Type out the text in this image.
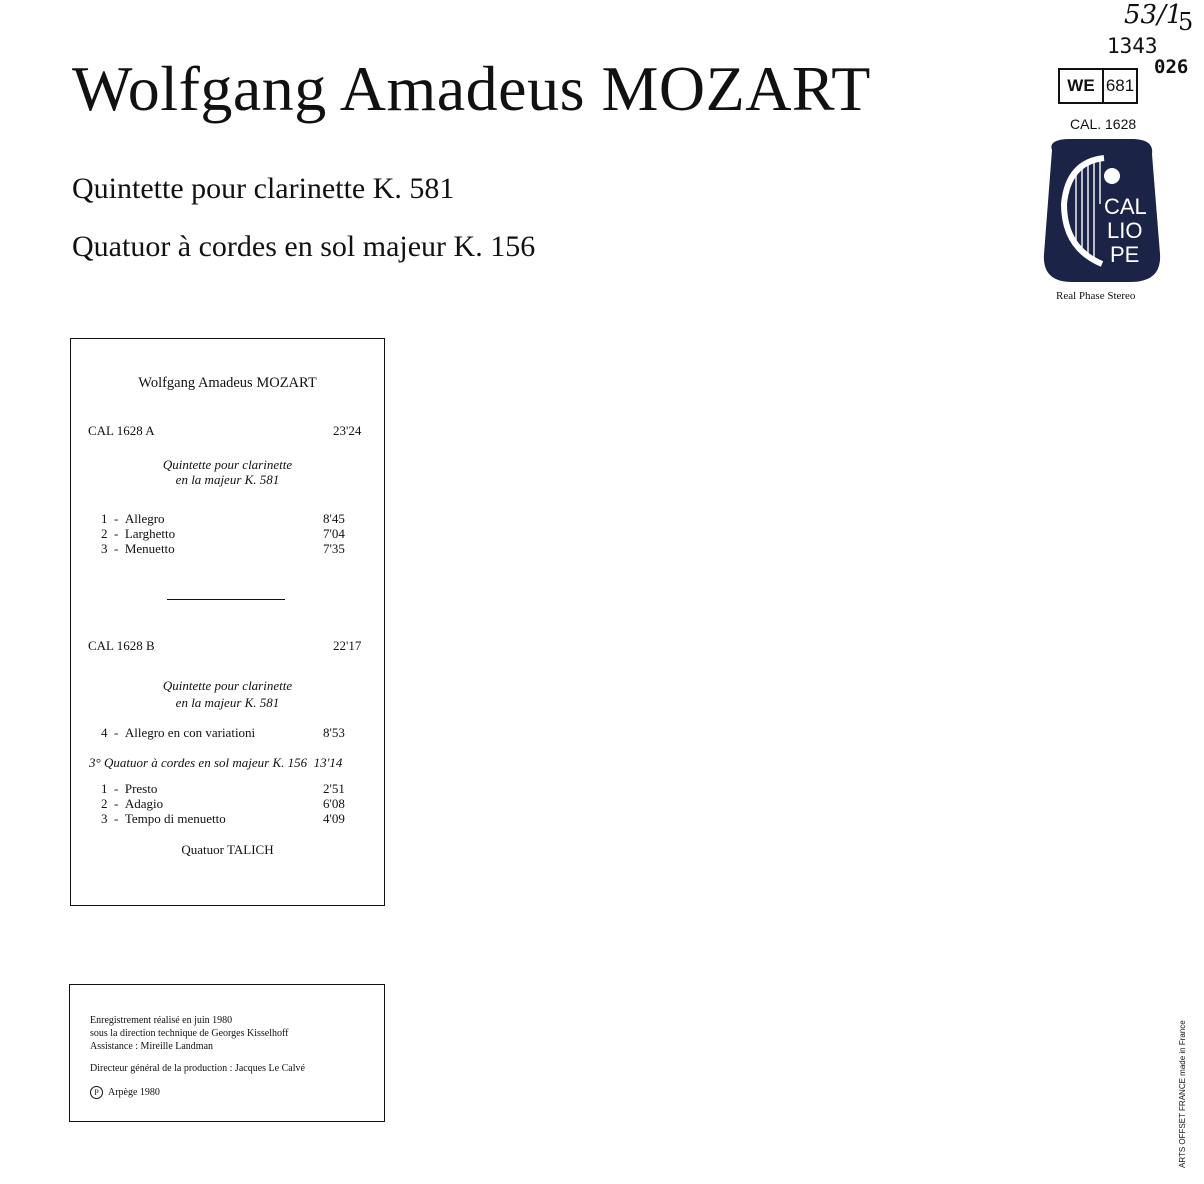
Wolfgang Amadeus MOZART
Quintette pour clarinette K. 581
Quatuor à cordes en sol majeur K. 156
53/1
5
1343
026
WE 681
CAL. 1628
CAL
LIO
PE
Real Phase Stereo
Wolfgang Amadeus MOZART
CAL 1628 A	23'24
Quintette pour clarinette
en la majeur K. 581
1  -  Allegro	8'45
2  -  Larghetto	7'04
3  -  Menuetto	7'35
CAL 1628 B	22'17
Quintette pour clarinette
en la majeur K. 581
4  -  Allegro en con variationi	8'53
3° Quatuor à cordes en sol majeur K. 156 13'14
1  -  Presto	2'51
2  -  Adagio	6'08
3  -  Tempo di menuetto	4'09
Quatuor TALICH
Enregistrement réalisé en juin 1980
sous la direction technique de Georges Kisselhoff
Assistance : Mireille Landman
Directeur général de la production : Jacques Le Calvé
P Arpège 1980	ARTS OFFSET FRANCE made in France
